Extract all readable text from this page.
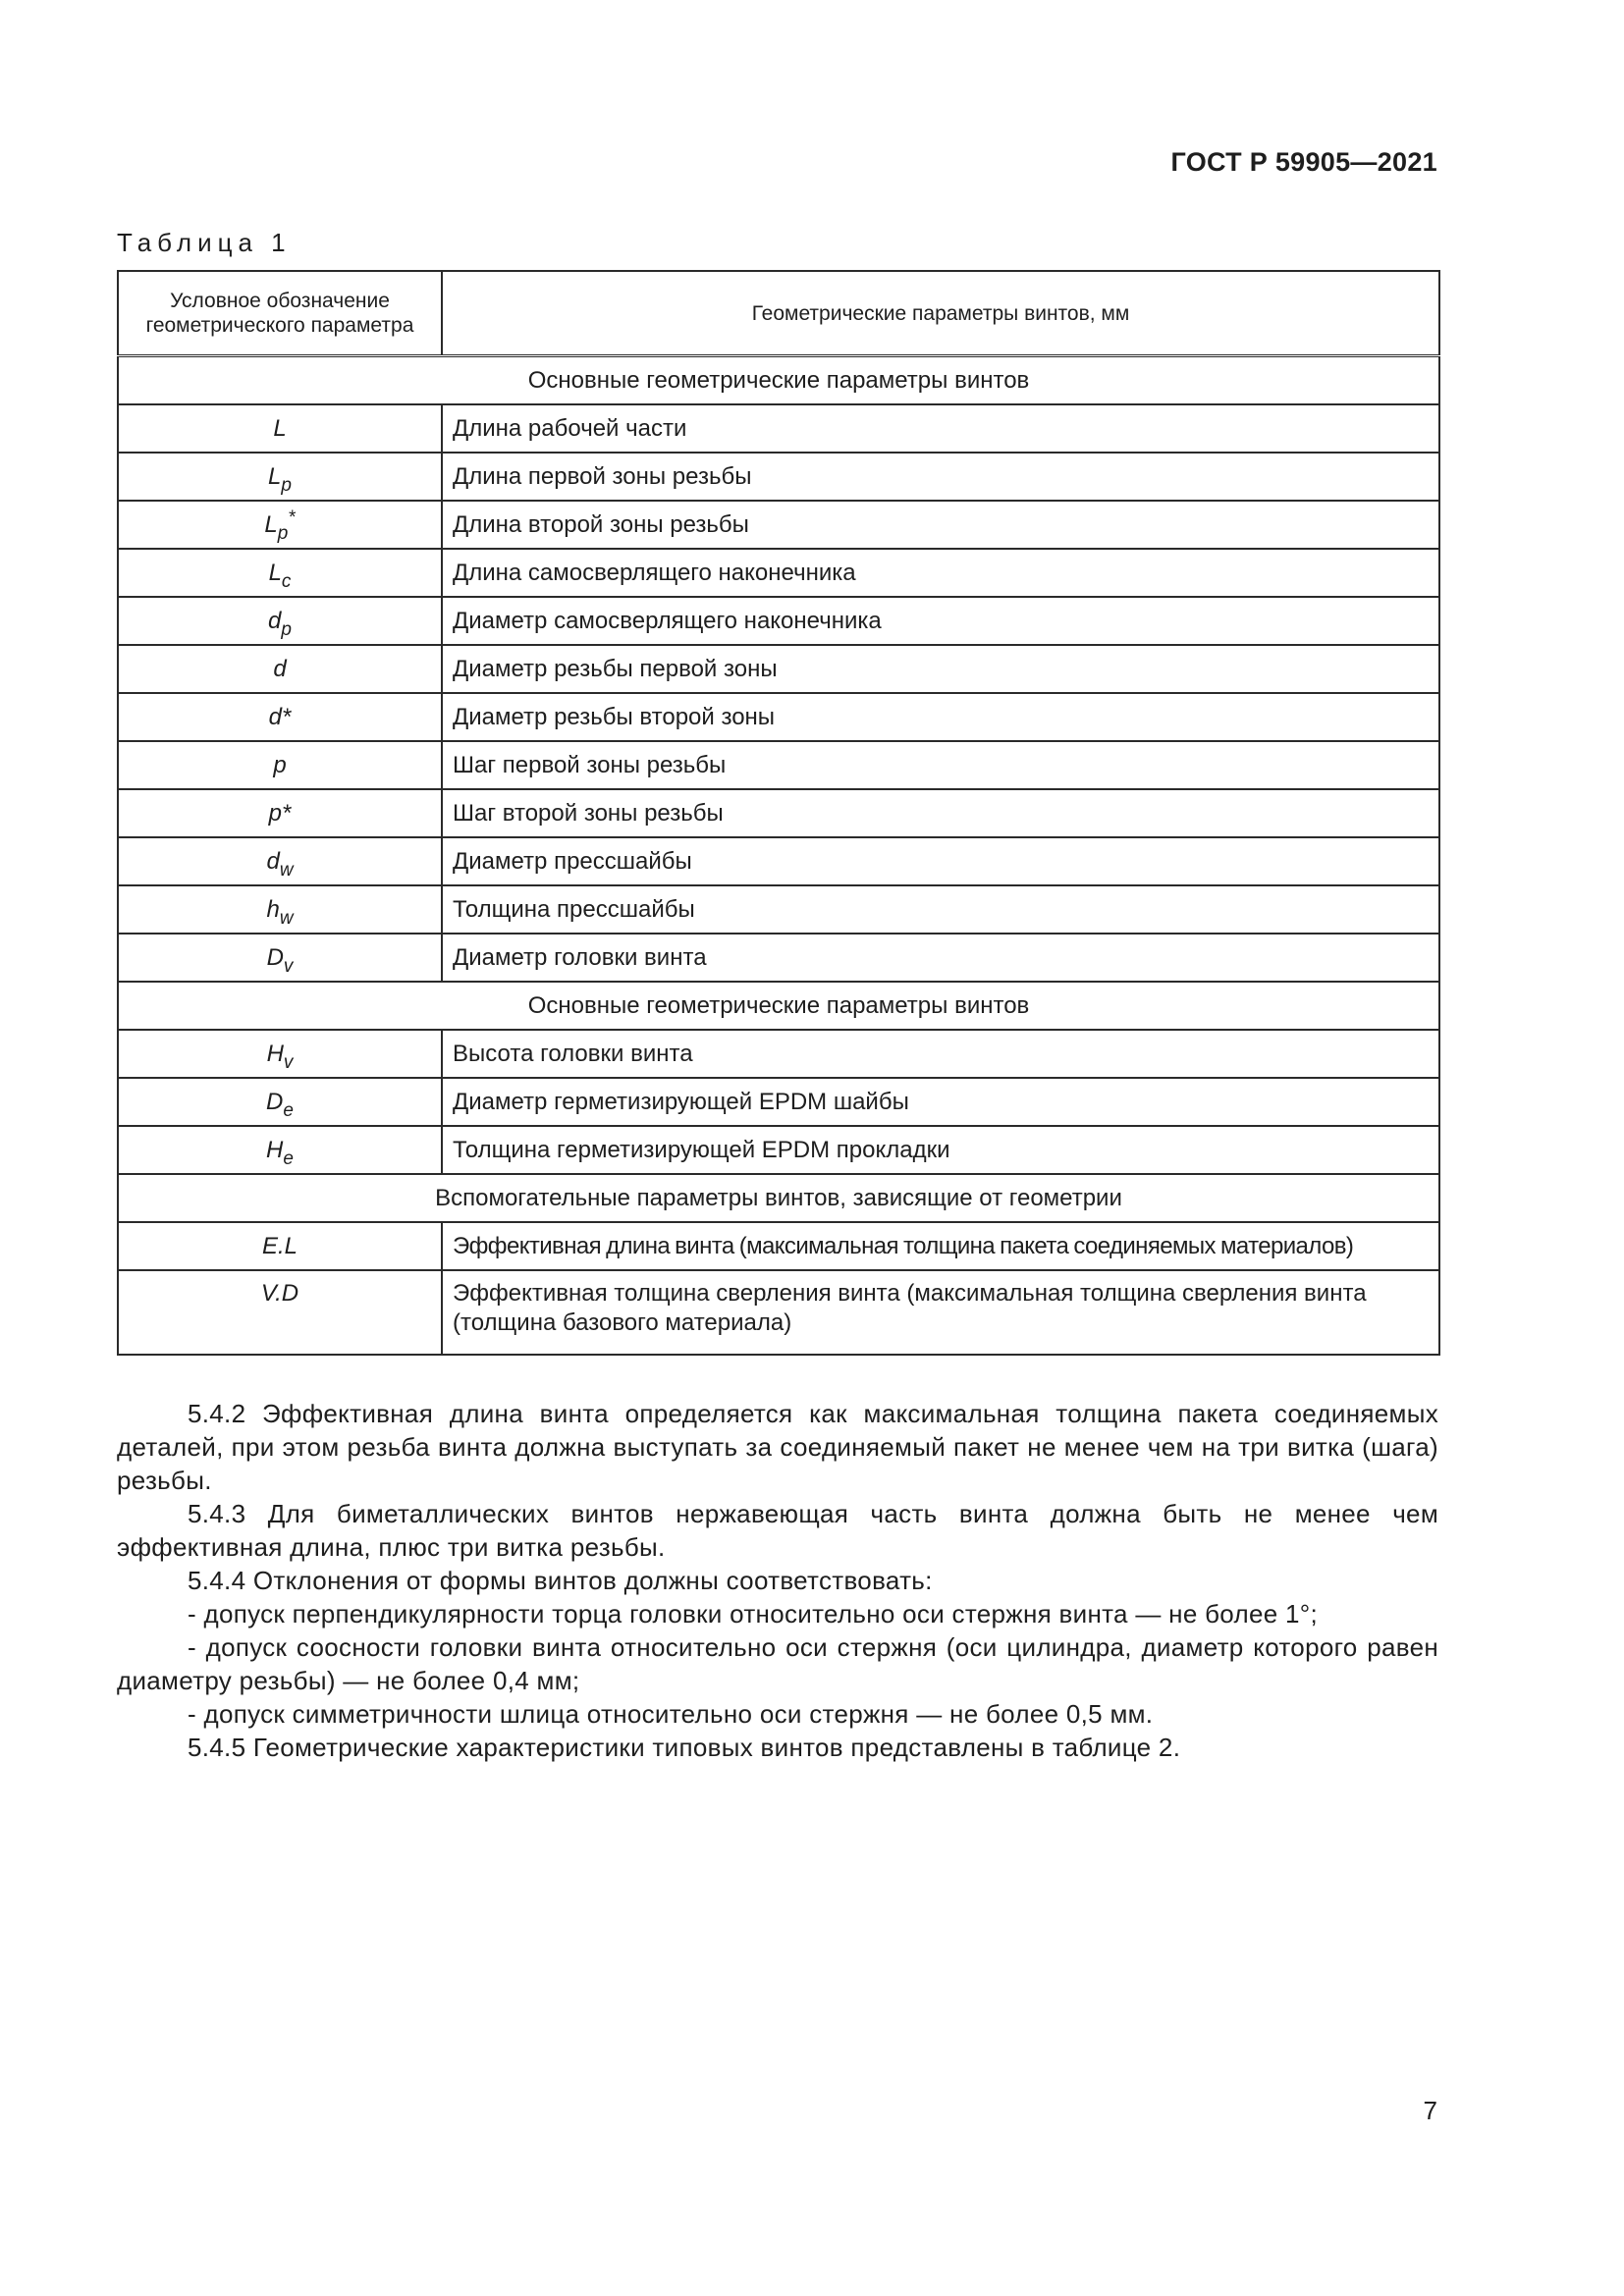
ГОСТ Р 59905—2021
Таблица 1
Условное обозначение геометрического параметра	Геометрические параметры винтов, мм
Основные геометрические параметры винтов	
L	Длина рабочей части
$L_p$	Длина первой зоны резьбы
$L_p^*$	Длина второй зоны резьбы
$L_c$	Длина самосверлящего наконечника
$d_p$	Диаметр самосверлящего наконечника
d	Диаметр резьбы первой зоны
d*	Диаметр резьбы второй зоны
p	Шаг первой зоны резьбы
p*	Шаг второй зоны резьбы
$d_w$	Диаметр прессшайбы
$h_w$	Толщина прессшайбы
$D_v$	Диаметр головки винта
Основные геометрические параметры винтов	
$H_v$	Высота головки винта
$D_e$	Диаметр герметизирующей EPDM шайбы
$H_e$	Толщина герметизирующей EPDM прокладки
Вспомогательные параметры винтов, зависящие от геометрии	
E.L	Эффективная длина винта (максимальная толщина пакета соединяемых материалов)
V.D	Эффективная толщина сверления винта (максимальная толщина сверления винта (толщина базового материала)

5.4.2 Эффективная длина винта определяется как максимальная толщина пакета соединяемых деталей, при этом резьба винта должна выступать за соединяемый пакет не менее чем на три витка (шага) резьбы.

5.4.3 Для биметаллических винтов нержавеющая часть винта должна быть не менее чем эффективная длина, плюс три витка резьбы.

5.4.4 Отклонения от формы винтов должны соответствовать:

- допуск перпендикулярности торца головки относительно оси стержня винта — не более 1°;

- допуск соосности головки винта относительно оси стержня (оси цилиндра, диаметр которого равен диаметру резьбы) — не более 0,4 мм;

- допуск симметричности шлица относительно оси стержня — не более 0,5 мм.

5.4.5 Геометрические характеристики типовых винтов представлены в таблице 2.

7
